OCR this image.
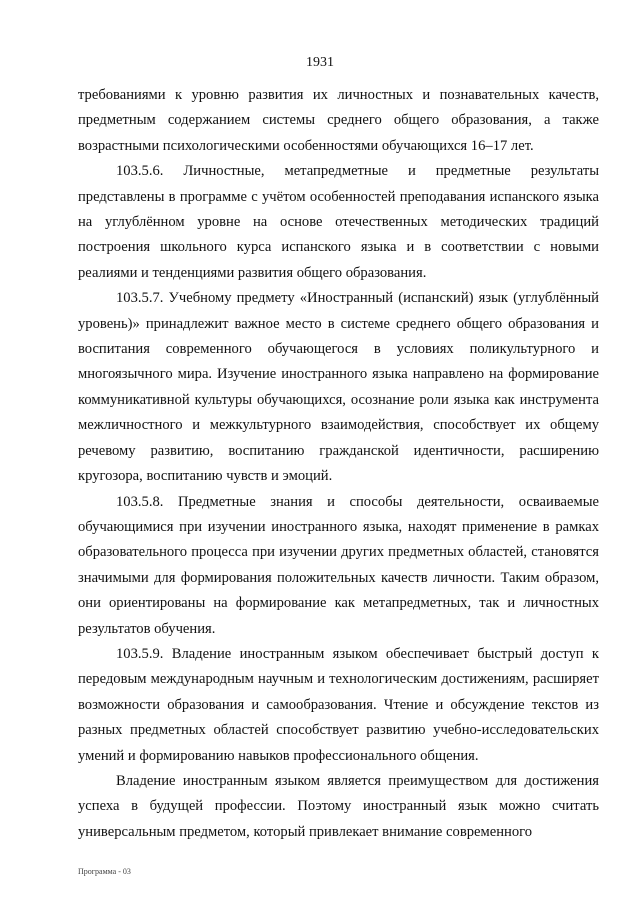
1931

требованиями к уровню развития их личностных и познавательных качеств, предметным содержанием системы среднего общего образования, а также возрастными психологическими особенностями обучающихся 16–17 лет.

103.5.6. Личностные, метапредметные и предметные результаты представлены в программе с учётом особенностей преподавания испанского языка на углублённом уровне на основе отечественных методических традиций построения школьного курса испанского языка и в соответствии с новыми реалиями и тенденциями развития общего образования.

103.5.7. Учебному предмету «Иностранный (испанский) язык (углублённый уровень)» принадлежит важное место в системе среднего общего образования и воспитания современного обучающегося в условиях поликультурного и многоязычного мира. Изучение иностранного языка направлено на формирование коммуникативной культуры обучающихся, осознание роли языка как инструмента межличностного и межкультурного взаимодействия, способствует их общему речевому развитию, воспитанию гражданской идентичности, расширению кругозора, воспитанию чувств и эмоций.

103.5.8. Предметные знания и способы деятельности, осваиваемые обучающимися при изучении иностранного языка, находят применение в рамках образовательного процесса при изучении других предметных областей, становятся значимыми для формирования положительных качеств личности. Таким образом, они ориентированы на формирование как метапредметных, так и личностных результатов обучения.

103.5.9. Владение иностранным языком обеспечивает быстрый доступ к передовым международным научным и технологическим достижениям, расширяет возможности образования и самообразования. Чтение и обсуждение текстов из разных предметных областей способствует развитию учебно-исследовательских умений и формированию навыков профессионального общения.

Владение иностранным языком является преимуществом для достижения успеха в будущей профессии. Поэтому иностранный язык можно считать универсальным предметом, который привлекает внимание современного

Программа - 03
